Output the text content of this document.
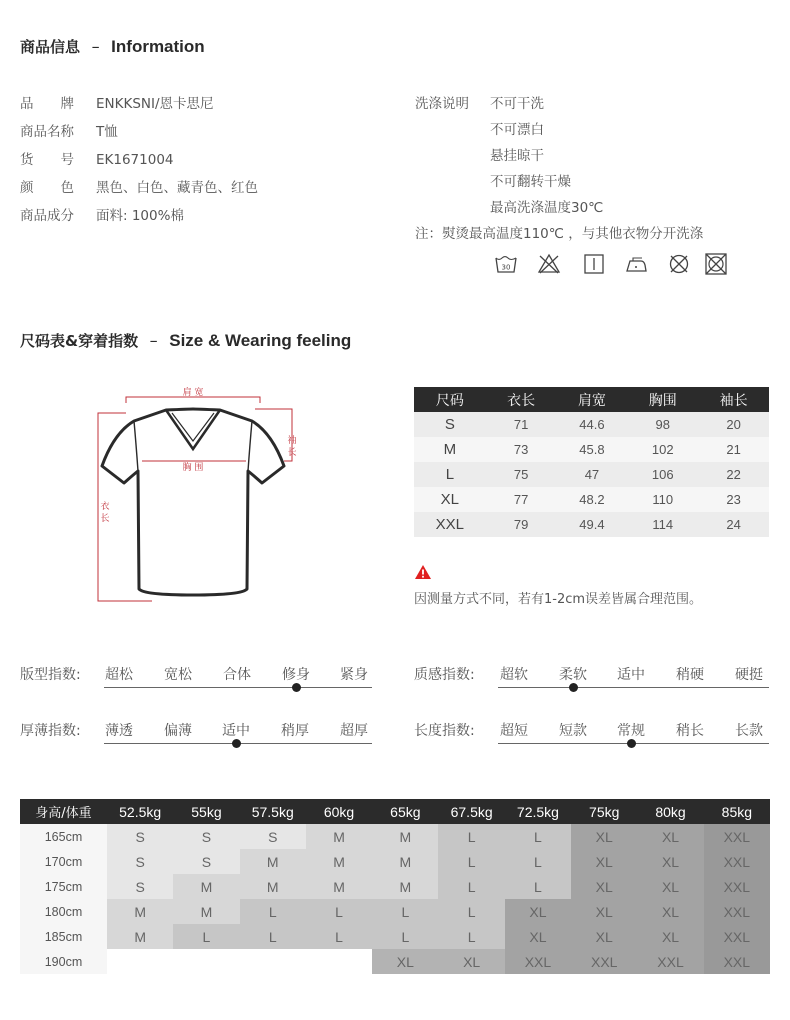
商品信息 – Information
品　　牌 ENKKSNI/恩卡思尼
商品名称 T恤
货　　号 EK1671004
颜　　色 黑色、白色、藏青色、红色
商品成分 面料: 100%棉
洗涤说明 不可干洗
不可漂白
悬挂晾干
不可翻转干燥
最高洗涤温度30℃
注：熨烫最高温度110℃ ，与其他衣物分开洗涤
30
尺码表&穿着指数 – Size & Wearing feeling
肩 宽
袖
长
衣
长
胸 围
尺码	衣长	肩宽	胸围	袖长
S	71	44.6	98	20
M	73	45.8	102	21
L	75	47	106	22
XL	77	48.2	110	23
XXL	79	49.4	114	24
因测量方式不同，若有1-2cm误差皆属合理范围。
版型指数: 超松 宽松 合体 修身 紧身	质感指数: 超软 柔软 适中 稍硬 硬挺
厚薄指数: 薄透 偏薄 适中 稍厚 超厚	长度指数: 超短 短款 常规 稍长 长款
身高/体重	52.5kg	55kg	57.5kg	60kg	65kg	67.5kg	72.5kg	75kg	80kg	85kg
165cm	S	S	S	M	M	L	L	XL	XL	XXL
170cm	S	S	M	M	M	L	L	XL	XL	XXL
175cm	S	M	M	M	M	L	L	XL	XL	XXL
180cm	M	M	L	L	L	L	XL	XL	XL	XXL
185cm	M	L	L	L	L	L	XL	XL	XL	XXL
190cm					XL	XL	XXL	XXL	XXL	XXL
